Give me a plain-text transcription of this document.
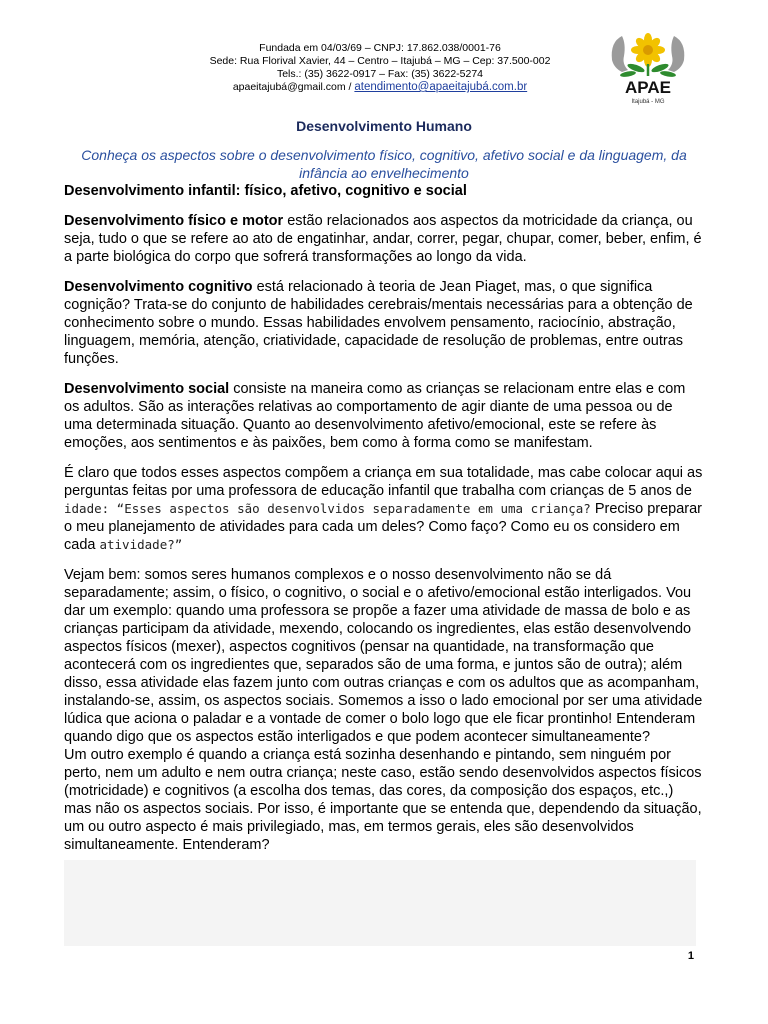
Fundada em 04/03/69 – CNPJ: 17.862.038/0001-76
Sede: Rua Florival Xavier, 44 – Centro – Itajubá – MG – Cep: 37.500-002
Tels.: (35) 3622-0917 – Fax: (35) 3622-5274
apaeitajubá@gmail.com / atendimento@apaeitajubá.com.br	APAE
Itajubá - MG
Desenvolvimento Humano
Conheça os aspectos sobre o desenvolvimento físico, cognitivo, afetivo social e da linguagem, da infância ao envelhecimento
Desenvolvimento infantil: físico, afetivo, cognitivo e social

Desenvolvimento físico e motor estão relacionados aos aspectos da motricidade da criança, ou seja, tudo o que se refere ao ato de engatinhar, andar, correr, pegar, chupar, comer, beber, enfim, é a parte biológica do corpo que sofrerá transformações ao longo da vida.

Desenvolvimento cognitivo está relacionado à teoria de Jean Piaget, mas, o que significa cognição? Trata-se do conjunto de habilidades cerebrais/mentais necessárias para a obtenção de conhecimento sobre o mundo. Essas habilidades envolvem pensamento, raciocínio, abstração, linguagem, memória, atenção, criatividade, capacidade de resolução de problemas, entre outras funções.

Desenvolvimento social consiste na maneira como as crianças se relacionam entre elas e com os adultos. São as interações relativas ao comportamento de agir diante de uma pessoa ou de uma determinada situação. Quanto ao desenvolvimento afetivo/emocional, este se refere às emoções, aos sentimentos e às paixões, bem como à forma como se manifestam.

É claro que todos esses aspectos compõem a criança em sua totalidade, mas cabe colocar aqui as perguntas feitas por uma professora de educação infantil que trabalha com crianças de 5 anos de idade: “Esses aspectos são desenvolvidos separadamente em uma criança? Preciso preparar o meu planejamento de atividades para cada um deles? Como faço? Como eu os considero em cada atividade?”

Vejam bem: somos seres humanos complexos e o nosso desenvolvimento não se dá separadamente; assim, o físico, o cognitivo, o social e o afetivo/emocional estão interligados. Vou dar um exemplo: quando uma professora se propõe a fazer uma atividade de massa de bolo e as crianças participam da atividade, mexendo, colocando os ingredientes, elas estão desenvolvendo aspectos físicos (mexer), aspectos cognitivos (pensar na quantidade, na transformação que acontecerá com os ingredientes que, separados são de uma forma, e juntos são de outra); além disso, essa atividade elas fazem junto com outras crianças e com os adultos que as acompanham, instalando-se, assim, os aspectos sociais. Somemos a isso o lado emocional por ser uma atividade lúdica que aciona o paladar e a vontade de comer o bolo logo que ele ficar prontinho! Entenderam quando digo que os aspectos estão interligados e que podem acontecer simultaneamente?

Um outro exemplo é quando a criança está sozinha desenhando e pintando, sem ninguém por perto, nem um adulto e nem outra criança; neste caso, estão sendo desenvolvidos aspectos físicos (motricidade) e cognitivos (a escolha dos temas, das cores, da composição dos espaços, etc.,) mas não os aspectos sociais. Por isso, é importante que se entenda que, dependendo da situação, um ou outro aspecto é mais privilegiado, mas, em termos gerais, eles são desenvolvidos simultaneamente. Entenderam?

1
